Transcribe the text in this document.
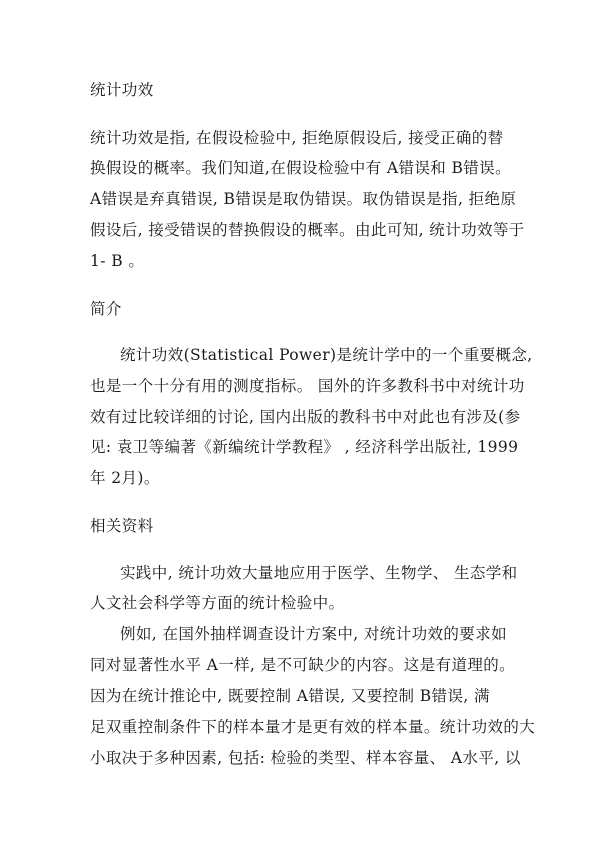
统计功效
统计功效是指, 在假设检验中, 拒绝原假设后, 接受正确的替
换假设的概率。我们知道,在假设检验中有 A错误和 B错误。
A错误是弃真错误, B错误是取伪错误。取伪错误是指, 拒绝原
假设后, 接受错误的替换假设的概率。由此可知, 统计功效等于
1- B 。
简介
统计功效(Statistical Power)是统计学中的一个重要概念,
也是一个十分有用的测度指标。 国外的许多教科书中对统计功
效有过比较详细的讨论, 国内出版的教科书中对此也有涉及(参
见: 袁卫等编著《新编统计学教程》 , 经济科学出版社, 1999
年 2月)。
相关资料
实践中, 统计功效大量地应用于医学、生物学、 生态学和
人文社会科学等方面的统计检验中。
例如, 在国外抽样调查设计方案中, 对统计功效的要求如
同对显著性水平 A一样, 是不可缺少的内容。这是有道理的。
因为在统计推论中, 既要控制 A错误, 又要控制 B错误, 满
足双重控制条件下的样本量才是更有效的样本量。统计功效的大
小取决于多种因素, 包括: 检验的类型、样本容量、 A水平, 以
